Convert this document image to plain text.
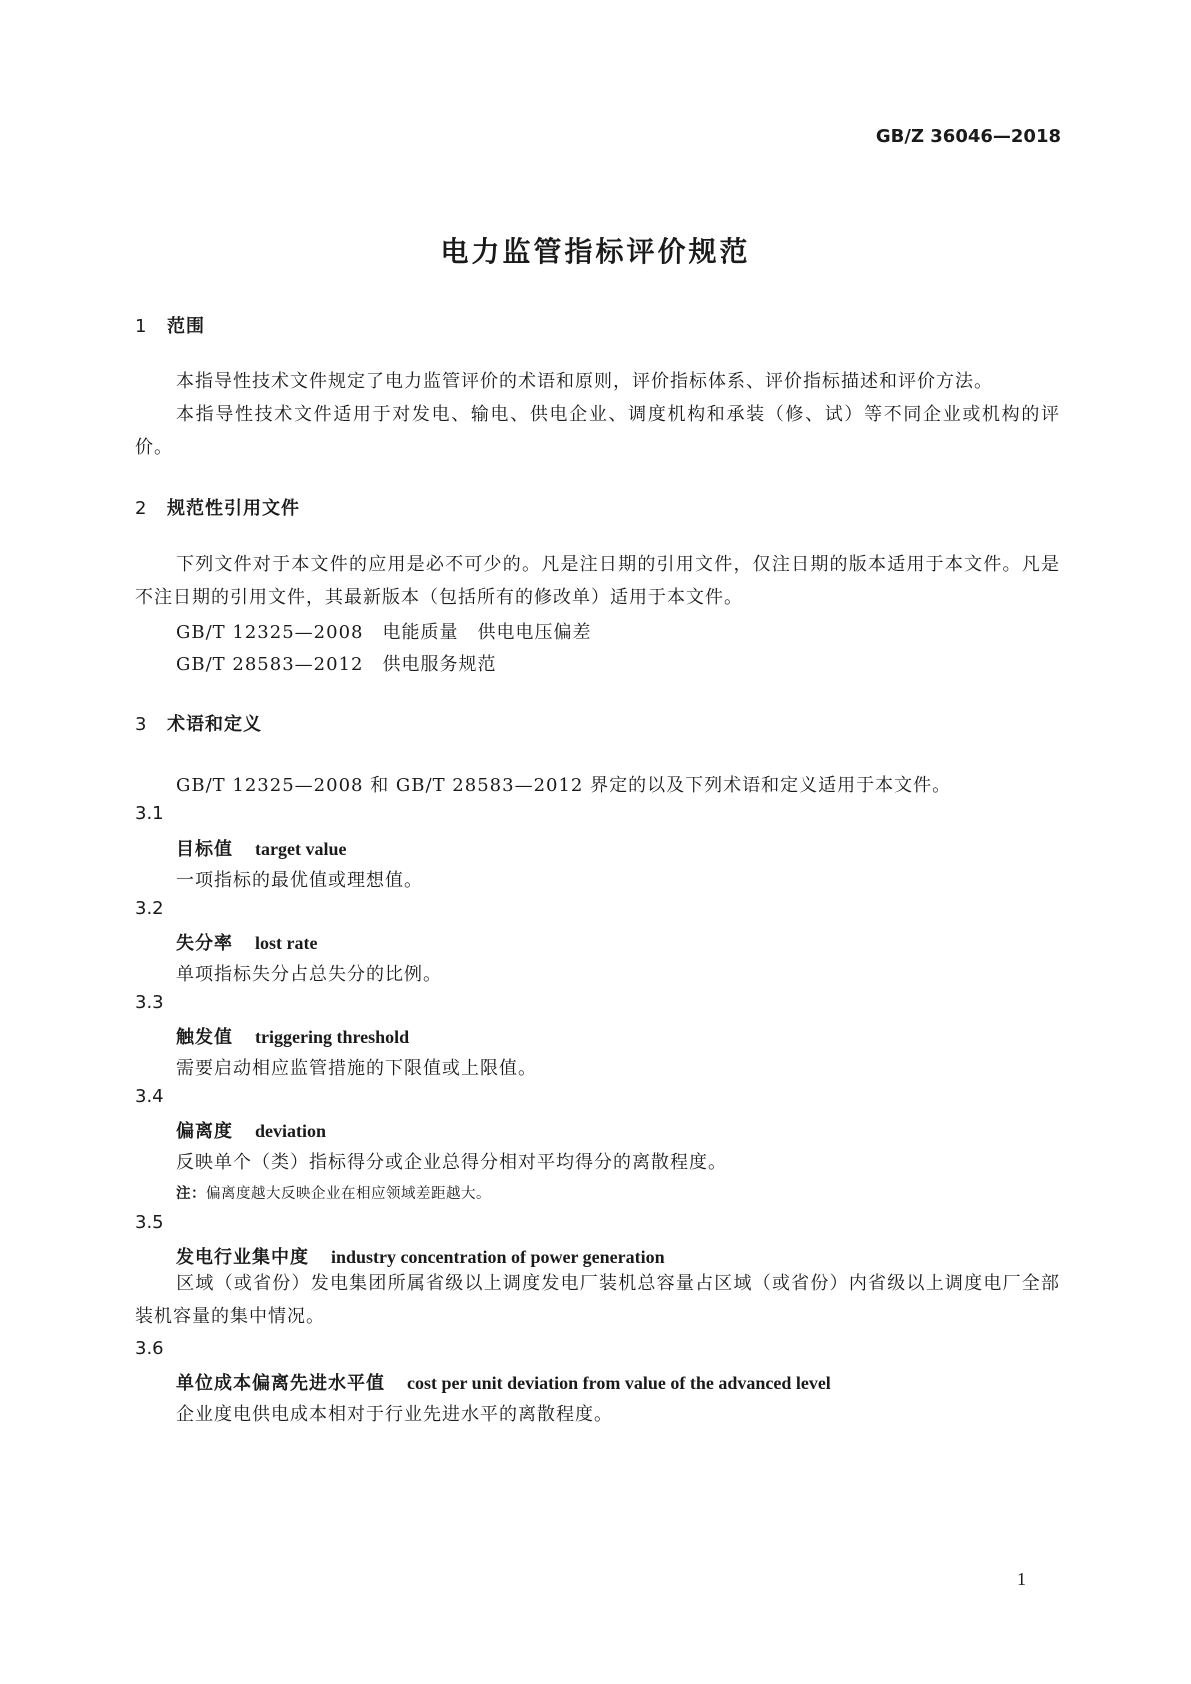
GB/Z 36046—2018
电力监管指标评价规范
1 范围
本指导性技术文件规定了电力监管评价的术语和原则，评价指标体系、评价指标描述和评价方法。
本指导性技术文件适用于对发电、输电、供电企业、调度机构和承装（修、试）等不同企业或机构的评价。
2 规范性引用文件
下列文件对于本文件的应用是必不可少的。凡是注日期的引用文件，仅注日期的版本适用于本文件。凡是不注日期的引用文件，其最新版本（包括所有的修改单）适用于本文件。
GB/T 12325—2008　电能质量　供电电压偏差
GB/T 28583—2012　供电服务规范
3 术语和定义
GB/T 12325—2008 和 GB/T 28583—2012 界定的以及下列术语和定义适用于本文件。
3.1
目标值 target value
一项指标的最优值或理想值。
3.2
失分率 lost rate
单项指标失分占总失分的比例。
3.3
触发值 triggering threshold
需要启动相应监管措施的下限值或上限值。
3.4
偏离度 deviation
反映单个（类）指标得分或企业总得分相对平均得分的离散程度。
注：偏离度越大反映企业在相应领域差距越大。
3.5
发电行业集中度 industry concentration of power generation
区域（或省份）发电集团所属省级以上调度发电厂装机总容量占区域（或省份）内省级以上调度电厂全部装机容量的集中情况。
3.6
单位成本偏离先进水平值 cost per unit deviation from value of the advanced level
企业度电供电成本相对于行业先进水平的离散程度。
1
